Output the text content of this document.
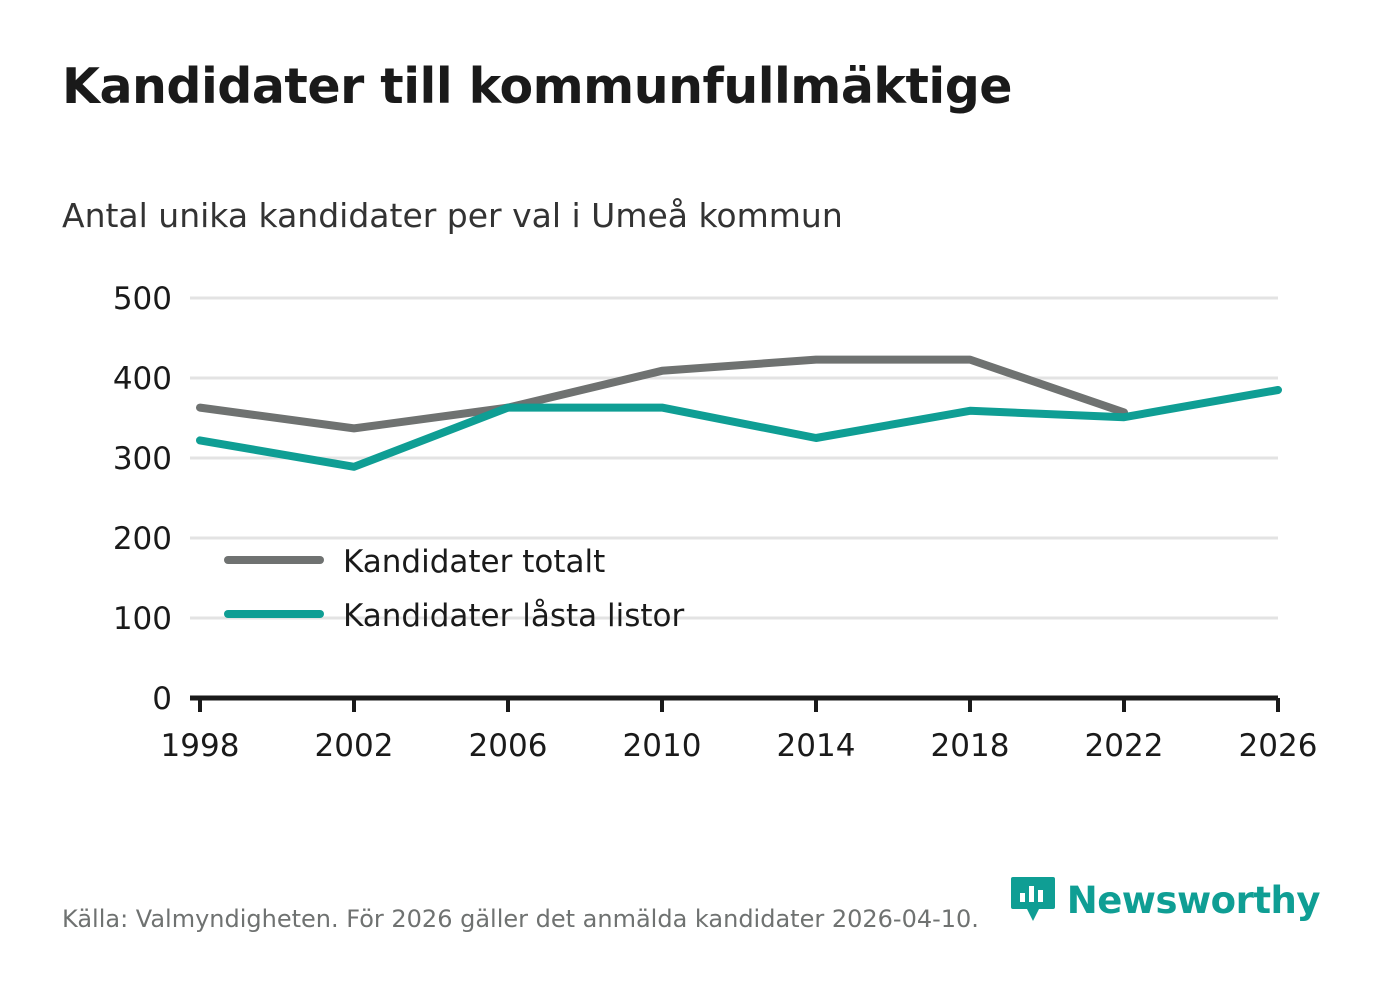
Kandidater till kommunfullmäktige
Antal unika kandidater per val i Umeå kommun
0
100
200
300
400
500
1998 2002 2006 2010 2014 2018 2022 2026
Kandidater totalt
Kandidater låsta listor
Källa: Valmyndigheten. För 2026 gäller det anmälda kandidater 2026-04-10. Newsworthy
